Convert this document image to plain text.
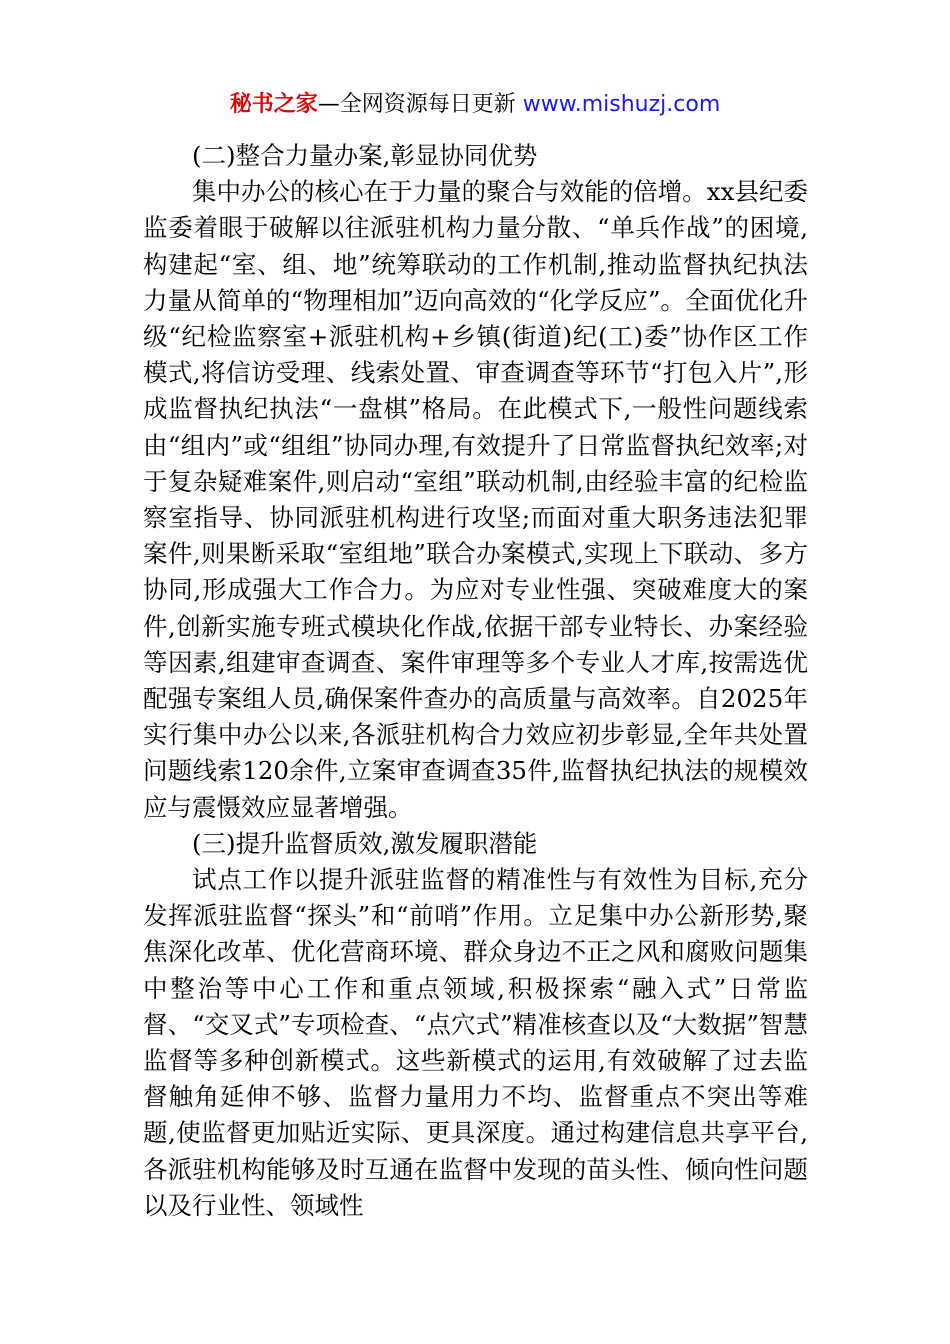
秘书之家—全网资源每日更新 www.mishuzj.com

(二)整合力量办案,彰显协同优势

集中办公的核心在于力量的聚合与效能的倍增。xx县纪委监委着眼于破解以往派驻机构力量分散、“单兵作战”的困境,构建起“室、组、地”统筹联动的工作机制,推动监督执纪执法力量从简单的“物理相加”迈向高效的“化学反应”。全面优化升级“纪检监察室+派驻机构+乡镇(街道)纪(工)委”协作区工作模式,将信访受理、线索处置、审查调查等环节“打包入片”,形成监督执纪执法“一盘棋”格局。在此模式下,一般性问题线索由“组内”或“组组”协同办理,有效提升了日常监督执纪效率;对于复杂疑难案件,则启动“室组”联动机制,由经验丰富的纪检监察室指导、协同派驻机构进行攻坚;而面对重大职务违法犯罪案件,则果断采取“室组地”联合办案模式,实现上下联动、多方协同,形成强大工作合力。为应对专业性强、突破难度大的案件,创新实施专班式模块化作战,依据干部专业特长、办案经验等因素,组建审查调查、案件审理等多个专业人才库,按需选优配强专案组人员,确保案件查办的高质量与高效率。自2025年实行集中办公以来,各派驻机构合力效应初步彰显,全年共处置问题线索120余件,立案审查调查35件,监督执纪执法的规模效应与震慑效应显著增强。

(三)提升监督质效,激发履职潜能

试点工作以提升派驻监督的精准性与有效性为目标,充分发挥派驻监督“探头”和“前哨”作用。立足集中办公新形势,聚焦深化改革、优化营商环境、群众身边不正之风和腐败问题集中整治等中心工作和重点领域,积极探索“融入式”日常监督、“交叉式”专项检查、“点穴式”精准核查以及“大数据”智慧监督等多种创新模式。这些新模式的运用,有效破解了过去监督触角延伸不够、监督力量用力不均、监督重点不突出等难题,使监督更加贴近实际、更具深度。通过构建信息共享平台,各派驻机构能够及时互通在监督中发现的苗头性、倾向性问题以及行业性、领域性
